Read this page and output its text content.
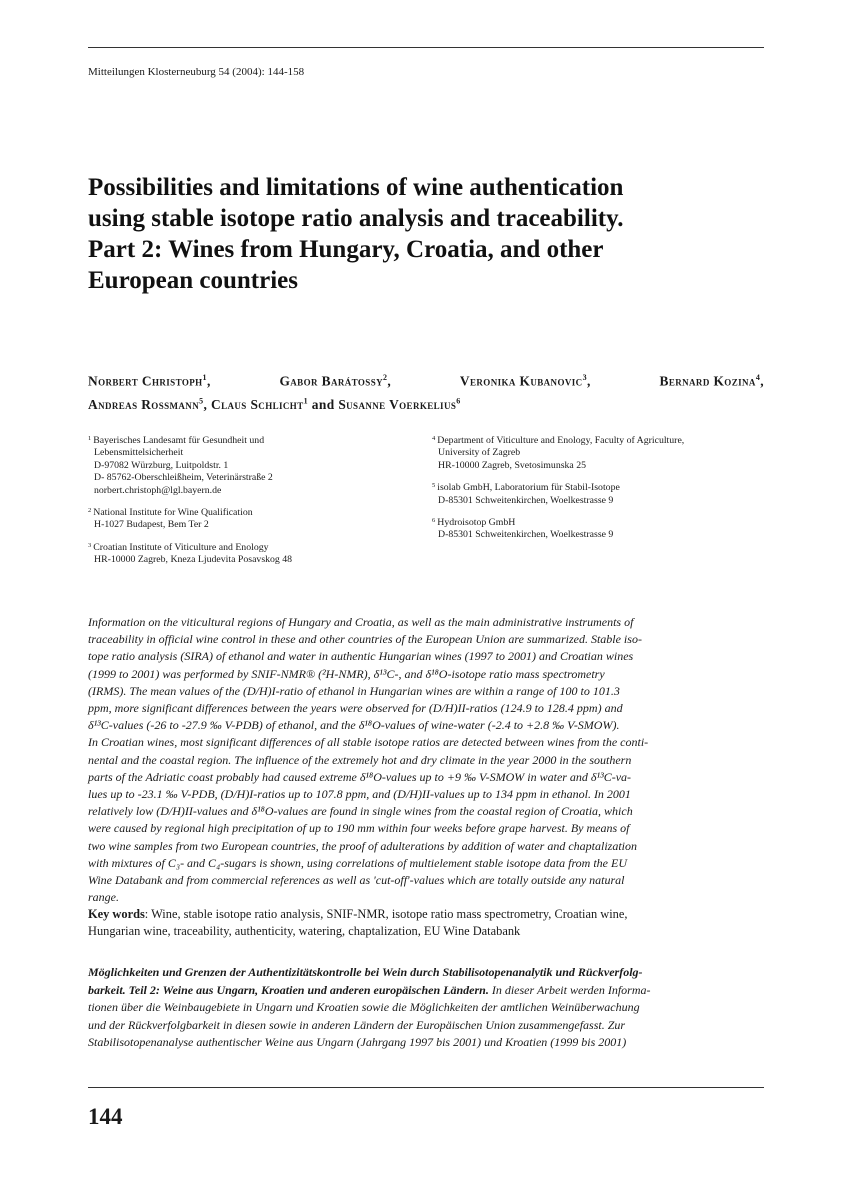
Mitteilungen Klosterneuburg 54 (2004): 144-158
Possibilities and limitations of wine authentication
using stable isotope ratio analysis and traceability.
Part 2: Wines from Hungary, Croatia, and other
European countries
Norbert Christoph$^1$,	Gabor Barátossy$^2$,	Veronika Kubanovic$^3$,	Bernard Kozina$^4$,
Andreas Rossmann$^5$, Claus Schlicht$^1$ and Susanne Voerkelius$^6$
$^1$ Bayerisches Landesamt für Gesundheit und
Lebensmittelsicherheit
D-97082 Würzburg, Luitpoldstr. 1
D- 85762-Oberschleißheim, Veterinärstraße 2
norbert.christoph@lgl.bayern.de
$^2$ National Institute for Wine Qualification
H-1027 Budapest, Bem Ter 2
$^3$ Croatian Institute of Viticulture and Enology
HR-10000 Zagreb, Kneza Ljudevita Posavskog 48
$^4$ Department of Viticulture and Enology, Faculty of Agriculture,
University of Zagreb
HR-10000 Zagreb, Svetosimunska 25
$^5$ isolab GmbH, Laboratorium für Stabil-Isotope
D-85301 Schweitenkirchen, Woelkestrasse 9
$^6$ Hydroisotop GmbH
D-85301 Schweitenkirchen, Woelkestrasse 9
Information on the viticultural regions of Hungary and Croatia, as well as the main administrative instruments of
traceability in official wine control in these and other countries of the European Union are summarized. Stable iso-
tope ratio analysis (SIRA) of ethanol and water in authentic Hungarian wines (1997 to 2001) and Croatian wines
(1999 to 2001) was performed by SNIF-NMR® (²H-NMR), δ¹³C-, and δ¹⁸O-isotope ratio mass spectrometry
(IRMS). The mean values of the (D/H)I-ratio of ethanol in Hungarian wines are within a range of 100 to 101.3
ppm, more significant differences between the years were observed for (D/H)II-ratios (124.9 to 128.4 ppm) and
δ¹³C-values (-26 to -27.9 ‰ V-PDB) of ethanol, and the δ¹⁸O-values of wine-water (-2.4 to +2.8 ‰ V-SMOW).
In Croatian wines, most significant differences of all stable isotope ratios are detected between wines from the conti-
nental and the coastal region. The influence of the extremely hot and dry climate in the year 2000 in the southern
parts of the Adriatic coast probably had caused extreme δ¹⁸O-values up to +9 ‰ V-SMOW in water and δ¹³C-va-
lues up to -23.1 ‰ V-PDB, (D/H)I-ratios up to 107.8 ppm, and (D/H)II-values up to 134 ppm in ethanol. In 2001
relatively low (D/H)II-values and δ¹⁸O-values are found in single wines from the coastal region of Croatia, which
were caused by regional high precipitation of up to 190 mm within four weeks before grape harvest. By means of
two wine samples from two European countries, the proof of adulterations by addition of water and chaptalization
with mixtures of C₃- and C₄-sugars is shown, using correlations of multielement stable isotope data from the EU
Wine Databank and from commercial references as well as 'cut-off'-values which are totally outside any natural
range.
Key words: Wine, stable isotope ratio analysis, SNIF-NMR, isotope ratio mass spectrometry, Croatian wine,
Hungarian wine, traceability, authenticity, watering, chaptalization, EU Wine Databank
Möglichkeiten und Grenzen der Authentizitätskontrolle bei Wein durch Stabilisotopenanalytik und Rückverfolg-
barkeit. Teil 2: Weine aus Ungarn, Kroatien und anderen europäischen Ländern. In dieser Arbeit werden Informa-
tionen über die Weinbaugebiete in Ungarn und Kroatien sowie die Möglichkeiten der amtlichen Weinüberwachung
und der Rückverfolgbarkeit in diesen sowie in anderen Ländern der Europäischen Union zusammengefasst. Zur
Stabilisotopenanalyse authentischer Weine aus Ungarn (Jahrgang 1997 bis 2001) und Kroatien (1999 bis 2001)
144
